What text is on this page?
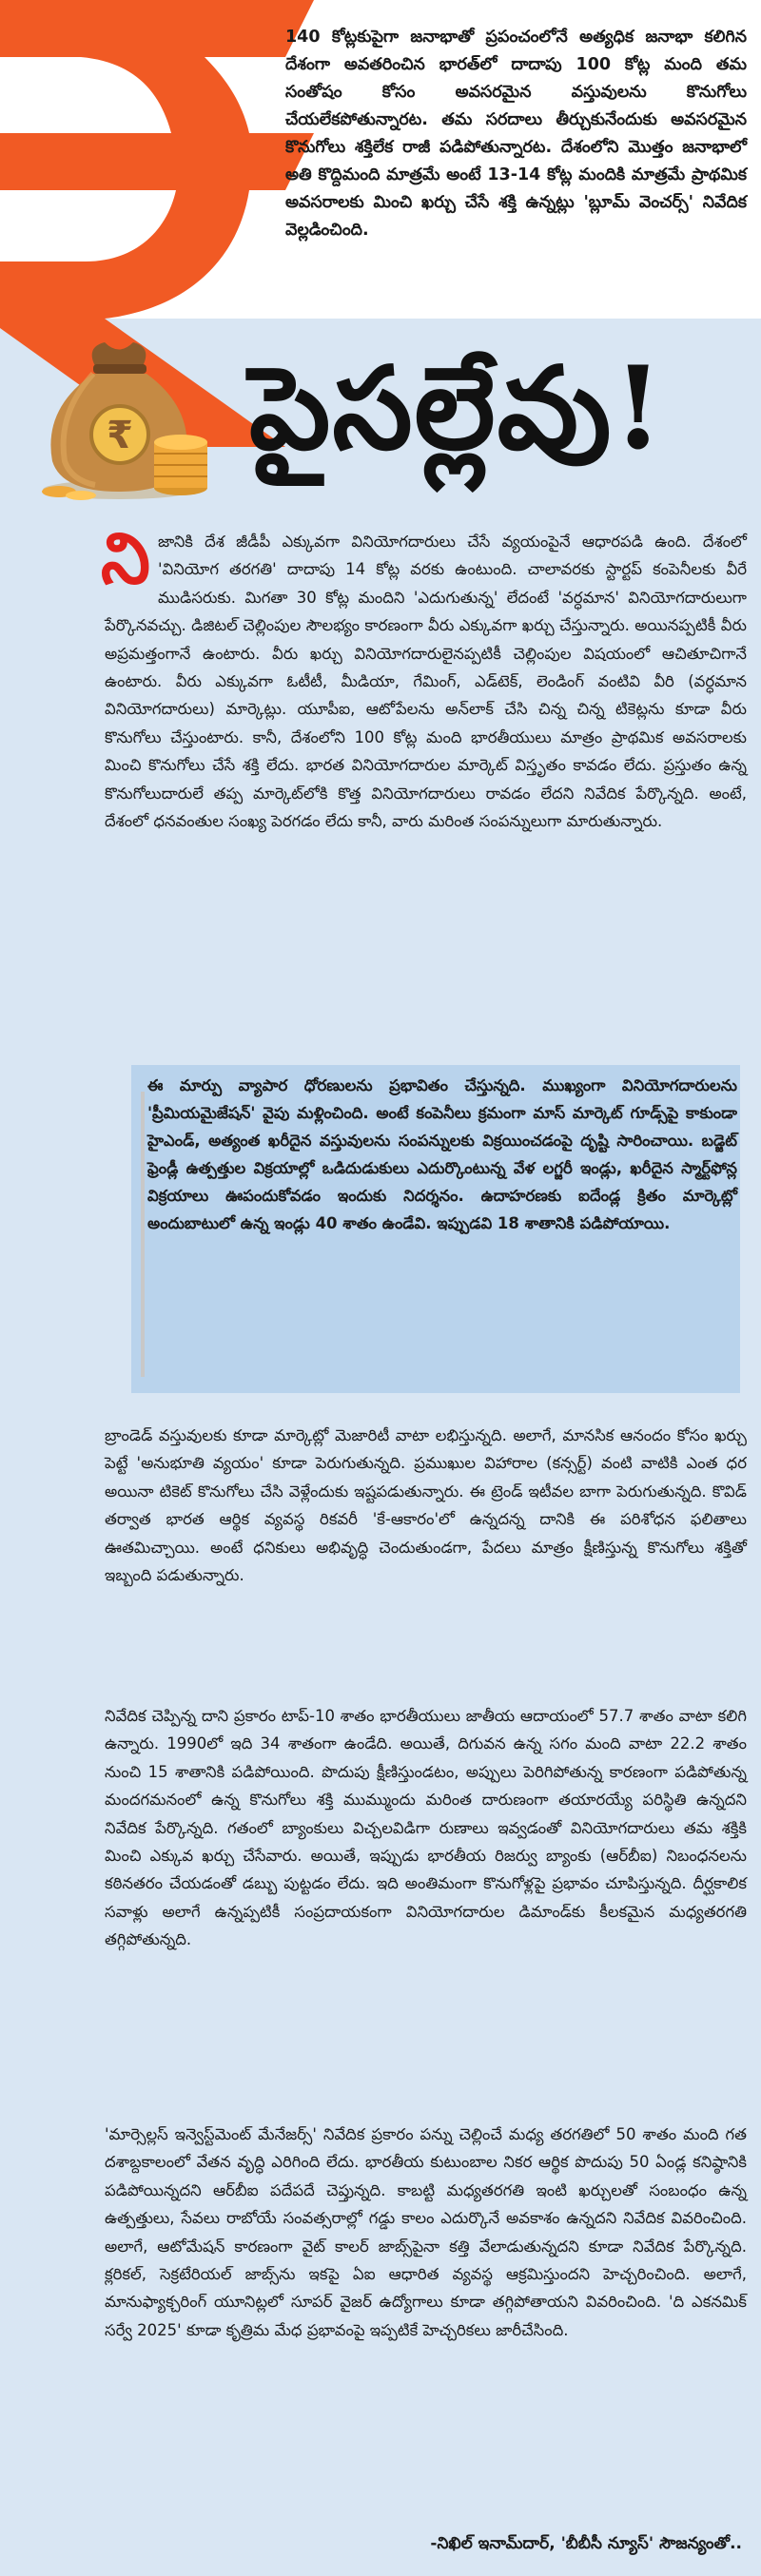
₹

140 కోట్లకుపైగా జనాభాతో ప్రపంచంలోనే అత్యధిక జనాభా కలిగిన దేశంగా అవతరించిన భారత్‌లో దాదాపు 100 కోట్ల మంది తమ సంతోషం కోసం అవసరమైన వస్తువులను కొనుగోలు చేయలేకపోతున్నారట. తమ సరదాలు తీర్చుకునేందుకు అవసరమైన కొనుగోలు శక్తిలేక రాజీ పడిపోతున్నారట. దేశంలోని మొత్తం జనాభాలో అతి కొద్దిమంది మాత్రమే అంటే 13-14 కోట్ల మందికి మాత్రమే ప్రాథమిక అవసరాలకు మించి ఖర్చు చేసే శక్తి ఉన్నట్లు 'బ్లూమ్ వెంచర్స్' నివేదిక వెల్లడించింది.

పైసల్లేవు!
ని జానికి దేశ జీడీపీ ఎక్కువగా వినియోగదారులు చేసే వ్యయంపైనే ఆధారపడి ఉంది. దేశంలో 'వినియోగ తరగతి' దాదాపు 14 కోట్ల వరకు ఉంటుంది. చాలావరకు స్టార్టప్ కంపెనీలకు వీరే ముడిసరుకు. మిగతా 30 కోట్ల మందిని 'ఎదుగుతున్న' లేదంటే 'వర్ధమాన' వినియోగదారులుగా పేర్కొనవచ్చు. డిజిటల్ చెల్లింపుల సౌలభ్యం కారణంగా వీరు ఎక్కువగా ఖర్చు చేస్తున్నారు. అయినప్పటికీ వీరు అప్రమత్తంగానే ఉంటారు. వీరు ఖర్చు వినియోగదారులైనప్పటికీ చెల్లింపుల విషయంలో ఆచితూచిగానే ఉంటారు. వీరు ఎక్కువగా ఓటీటీ, మీడియా, గేమింగ్, ఎడ్‌టెక్, లెండింగ్ వంటివి వీరి (వర్ధమాన వినియోగదారులు) మార్కెట్లు. యూపీఐ, ఆటోపేలను అన్‌లాక్ చేసి చిన్న చిన్న టికెట్లను కూడా వీరు కొనుగోలు చేస్తుంటారు. కానీ, దేశంలోని 100 కోట్ల మంది భారతీయులు మాత్రం ప్రాథమిక అవసరాలకు మించి కొనుగోలు చేసే శక్తి లేదు. భారత వినియోగదారుల మార్కెట్ విస్తృతం కావడం లేదు. ప్రస్తుతం ఉన్న కొనుగోలుదారులే తప్ప మార్కెట్‌లోకి కొత్త వినియోగదారులు రావడం లేదని నివేదిక పేర్కొన్నది. అంటే, దేశంలో ధనవంతుల సంఖ్య పెరగడం లేదు కానీ, వారు మరింత సంపన్నులుగా మారుతున్నారు.

ఈ మార్పు వ్యాపార ధోరణులను ప్రభావితం చేస్తున్నది. ముఖ్యంగా వినియోగదారులను 'ప్రీమియమైజేషన్' వైపు మళ్లించింది. అంటే కంపెనీలు క్రమంగా మాస్ మార్కెట్ గూడ్స్‌పై కాకుండా హైఎండ్, అత్యంత ఖరీదైన వస్తువులను సంపన్నులకు విక్రయించడంపై దృష్టి సారించాయి. బడ్జెట్ ఫ్రెండ్లీ ఉత్పత్తుల విక్రయాల్లో ఒడిదుడుకులు ఎదుర్కొంటున్న వేళ లగ్జరీ ఇండ్లు, ఖరీదైన స్మార్ట్‌ఫోన్ల విక్రయాలు ఊపందుకోవడం ఇందుకు నిదర్శనం. ఉదాహరణకు ఐదేండ్ల క్రితం మార్కెట్లో అందుబాటులో ఉన్న ఇండ్లు 40 శాతం ఉండేవి. ఇప్పుడవి 18 శాతానికి పడిపోయాయి.

బ్రాండెడ్ వస్తువులకు కూడా మార్కెట్లో మెజారిటీ వాటా లభిస్తున్నది. అలాగే, మానసిక ఆనందం కోసం ఖర్చు పెట్టే 'అనుభూతి వ్యయం' కూడా పెరుగుతున్నది. ప్రముఖుల విహారాల (కన్సర్ట్) వంటి వాటికి ఎంత ధర అయినా టికెట్ కొనుగోలు చేసి వెళ్లేందుకు ఇష్టపడుతున్నారు. ఈ ట్రెండ్ ఇటీవల బాగా పెరుగుతున్నది. కొవిడ్ తర్వాత భారత ఆర్థిక వ్యవస్థ రికవరీ 'కే-ఆకారం'లో ఉన్నదన్న దానికి ఈ పరిశోధన ఫలితాలు ఊతమిచ్చాయి. అంటే ధనికులు అభివృద్ధి చెందుతుండగా, పేదలు మాత్రం క్షీణిస్తున్న కొనుగోలు శక్తితో ఇబ్బంది పడుతున్నారు.

నివేదిక చెప్పిన్న దాని ప్రకారం టాప్-10 శాతం భారతీయులు జాతీయ ఆదాయంలో 57.7 శాతం వాటా కలిగి ఉన్నారు. 1990లో ఇది 34 శాతంగా ఉండేది. అయితే, దిగువన ఉన్న సగం మంది వాటా 22.2 శాతం నుంచి 15 శాతానికి పడిపోయింది. పొదుపు క్షీణిస్తుండటం, అప్పులు పెరిగిపోతున్న కారణంగా పడిపోతున్న మందగమనంలో ఉన్న కొనుగోలు శక్తి ముమ్ముందు మరింత దారుణంగా తయారయ్యే పరిస్థితి ఉన్నదని నివేదిక పేర్కొన్నది. గతంలో బ్యాంకులు విచ్చలవిడిగా రుణాలు ఇవ్వడంతో వినియోగదారులు తమ శక్తికి మించి ఎక్కువ ఖర్చు చేసేవారు. అయితే, ఇప్పుడు భారతీయ రిజర్వు బ్యాంకు (ఆర్‌బీఐ) నిబంధనలను కఠినతరం చేయడంతో డబ్బు పుట్టడం లేదు. ఇది అంతిమంగా కొనుగోళ్లపై ప్రభావం చూపిస్తున్నది. దీర్ఘకాలిక సవాళ్లు అలాగే ఉన్నప్పటికీ సంప్రదాయకంగా వినియోగదారుల డిమాండ్‌కు కీలకమైన మధ్యతరగతి తగ్గిపోతున్నది.

'మార్సెల్లస్ ఇన్వెస్ట్‌మెంట్ మేనేజర్స్' నివేదిక ప్రకారం పన్ను చెల్లించే మధ్య తరగతిలో 50 శాతం మంది గత దశాబ్దకాలంలో వేతన వృద్ధి ఎరిగింది లేదు. భారతీయ కుటుంబాల నికర ఆర్థిక పొదుపు 50 ఏండ్ల కనిష్ఠానికి పడిపోయిన్నదని ఆర్‌బీఐ పదేపదే చెప్తున్నది. కాబట్టి మధ్యతరగతి ఇంటి ఖర్చులతో సంబంధం ఉన్న ఉత్పత్తులు, సేవలు రాబోయే సంవత్సరాల్లో గడ్డు కాలం ఎదుర్కొనే అవకాశం ఉన్నదని నివేదిక వివరించింది. అలాగే, ఆటోమేషన్ కారణంగా వైట్ కాలర్ జాబ్స్‌పైనా కత్తి వేలాడుతున్నదని కూడా నివేదిక పేర్కొన్నది. క్లరికల్, సెక్రటేరియల్ జాబ్స్‌ను ఇకపై ఏఐ ఆధారిత వ్యవస్థ ఆక్రమిస్తుందని హెచ్చరించింది. అలాగే, మానుఫ్యాక్చరింగ్ యూనిట్లలో సూపర్ వైజర్ ఉద్యోగాలు కూడా తగ్గిపోతాయని వివరించింది. 'ది ఎకనమిక్ సర్వే 2025' కూడా కృత్రిమ మేధ ప్రభావంపై ఇప్పటికే హెచ్చరికలు జారీచేసింది.

-నిఖిల్ ఇనామ్‌దార్, 'బీబీసీ న్యూస్' సౌజన్యంతో..
